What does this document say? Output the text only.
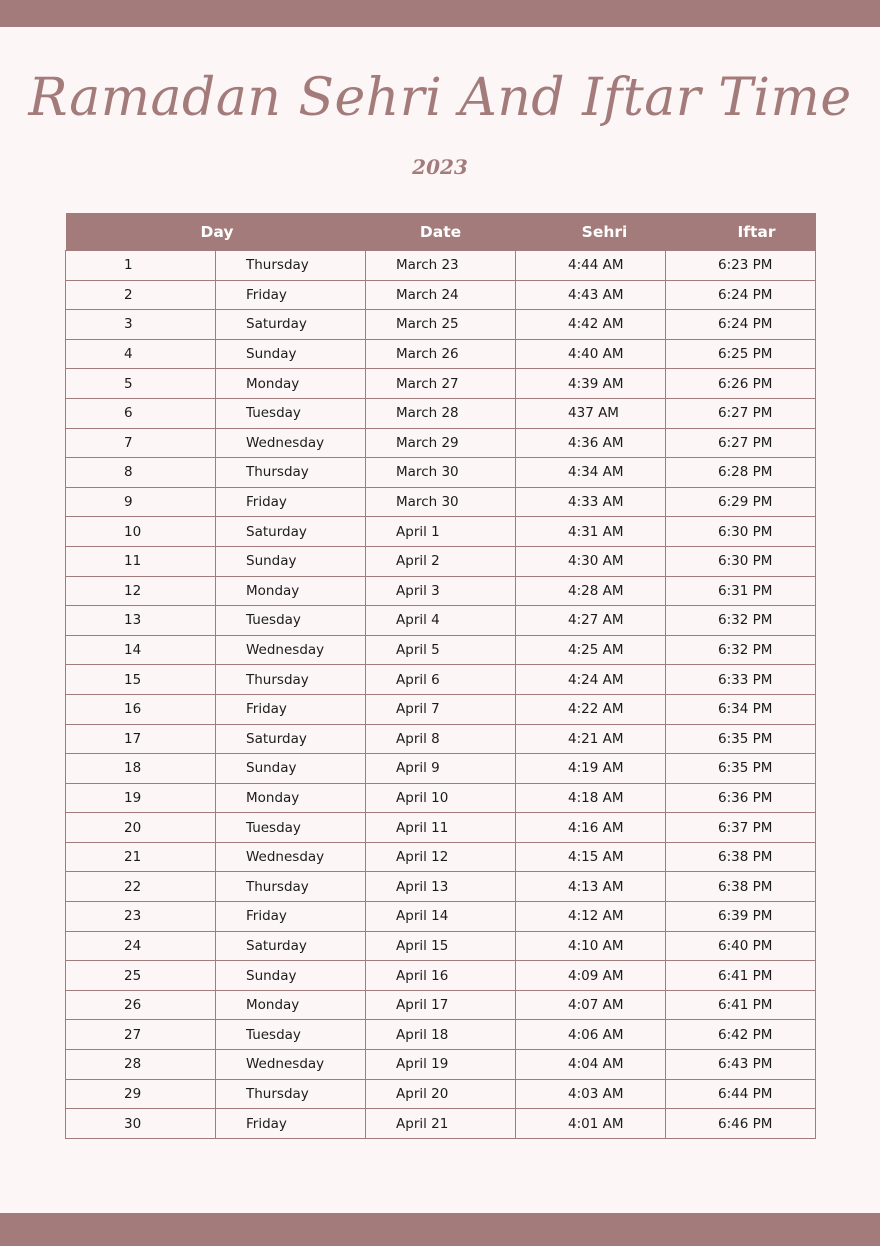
Ramadan Sehri And Iftar Time
2023
Day		Date	Sehri	Iftar
1	Thursday	March 23	4:44 AM	6:23 PM
2	Friday	March 24	4:43 AM	6:24 PM
3	Saturday	March 25	4:42 AM	6:24 PM
4	Sunday	March 26	4:40 AM	6:25 PM
5	Monday	March 27	4:39 AM	6:26 PM
6	Tuesday	March 28	437 AM	6:27 PM
7	Wednesday	March 29	4:36 AM	6:27 PM
8	Thursday	March 30	4:34 AM	6:28 PM
9	Friday	March 30	4:33 AM	6:29 PM
10	Saturday	April 1	4:31 AM	6:30 PM
11	Sunday	April 2	4:30 AM	6:30 PM
12	Monday	April 3	4:28 AM	6:31 PM
13	Tuesday	April 4	4:27 AM	6:32 PM
14	Wednesday	April 5	4:25 AM	6:32 PM
15	Thursday	April 6	4:24 AM	6:33 PM
16	Friday	April 7	4:22 AM	6:34 PM
17	Saturday	April 8	4:21 AM	6:35 PM
18	Sunday	April 9	4:19 AM	6:35 PM
19	Monday	April 10	4:18 AM	6:36 PM
20	Tuesday	April 11	4:16 AM	6:37 PM
21	Wednesday	April 12	4:15 AM	6:38 PM
22	Thursday	April 13	4:13 AM	6:38 PM
23	Friday	April 14	4:12 AM	6:39 PM
24	Saturday	April 15	4:10 AM	6:40 PM
25	Sunday	April 16	4:09 AM	6:41 PM
26	Monday	April 17	4:07 AM	6:41 PM
27	Tuesday	April 18	4:06 AM	6:42 PM
28	Wednesday	April 19	4:04 AM	6:43 PM
29	Thursday	April 20	4:03 AM	6:44 PM
30	Friday	April 21	4:01 AM	6:46 PM
